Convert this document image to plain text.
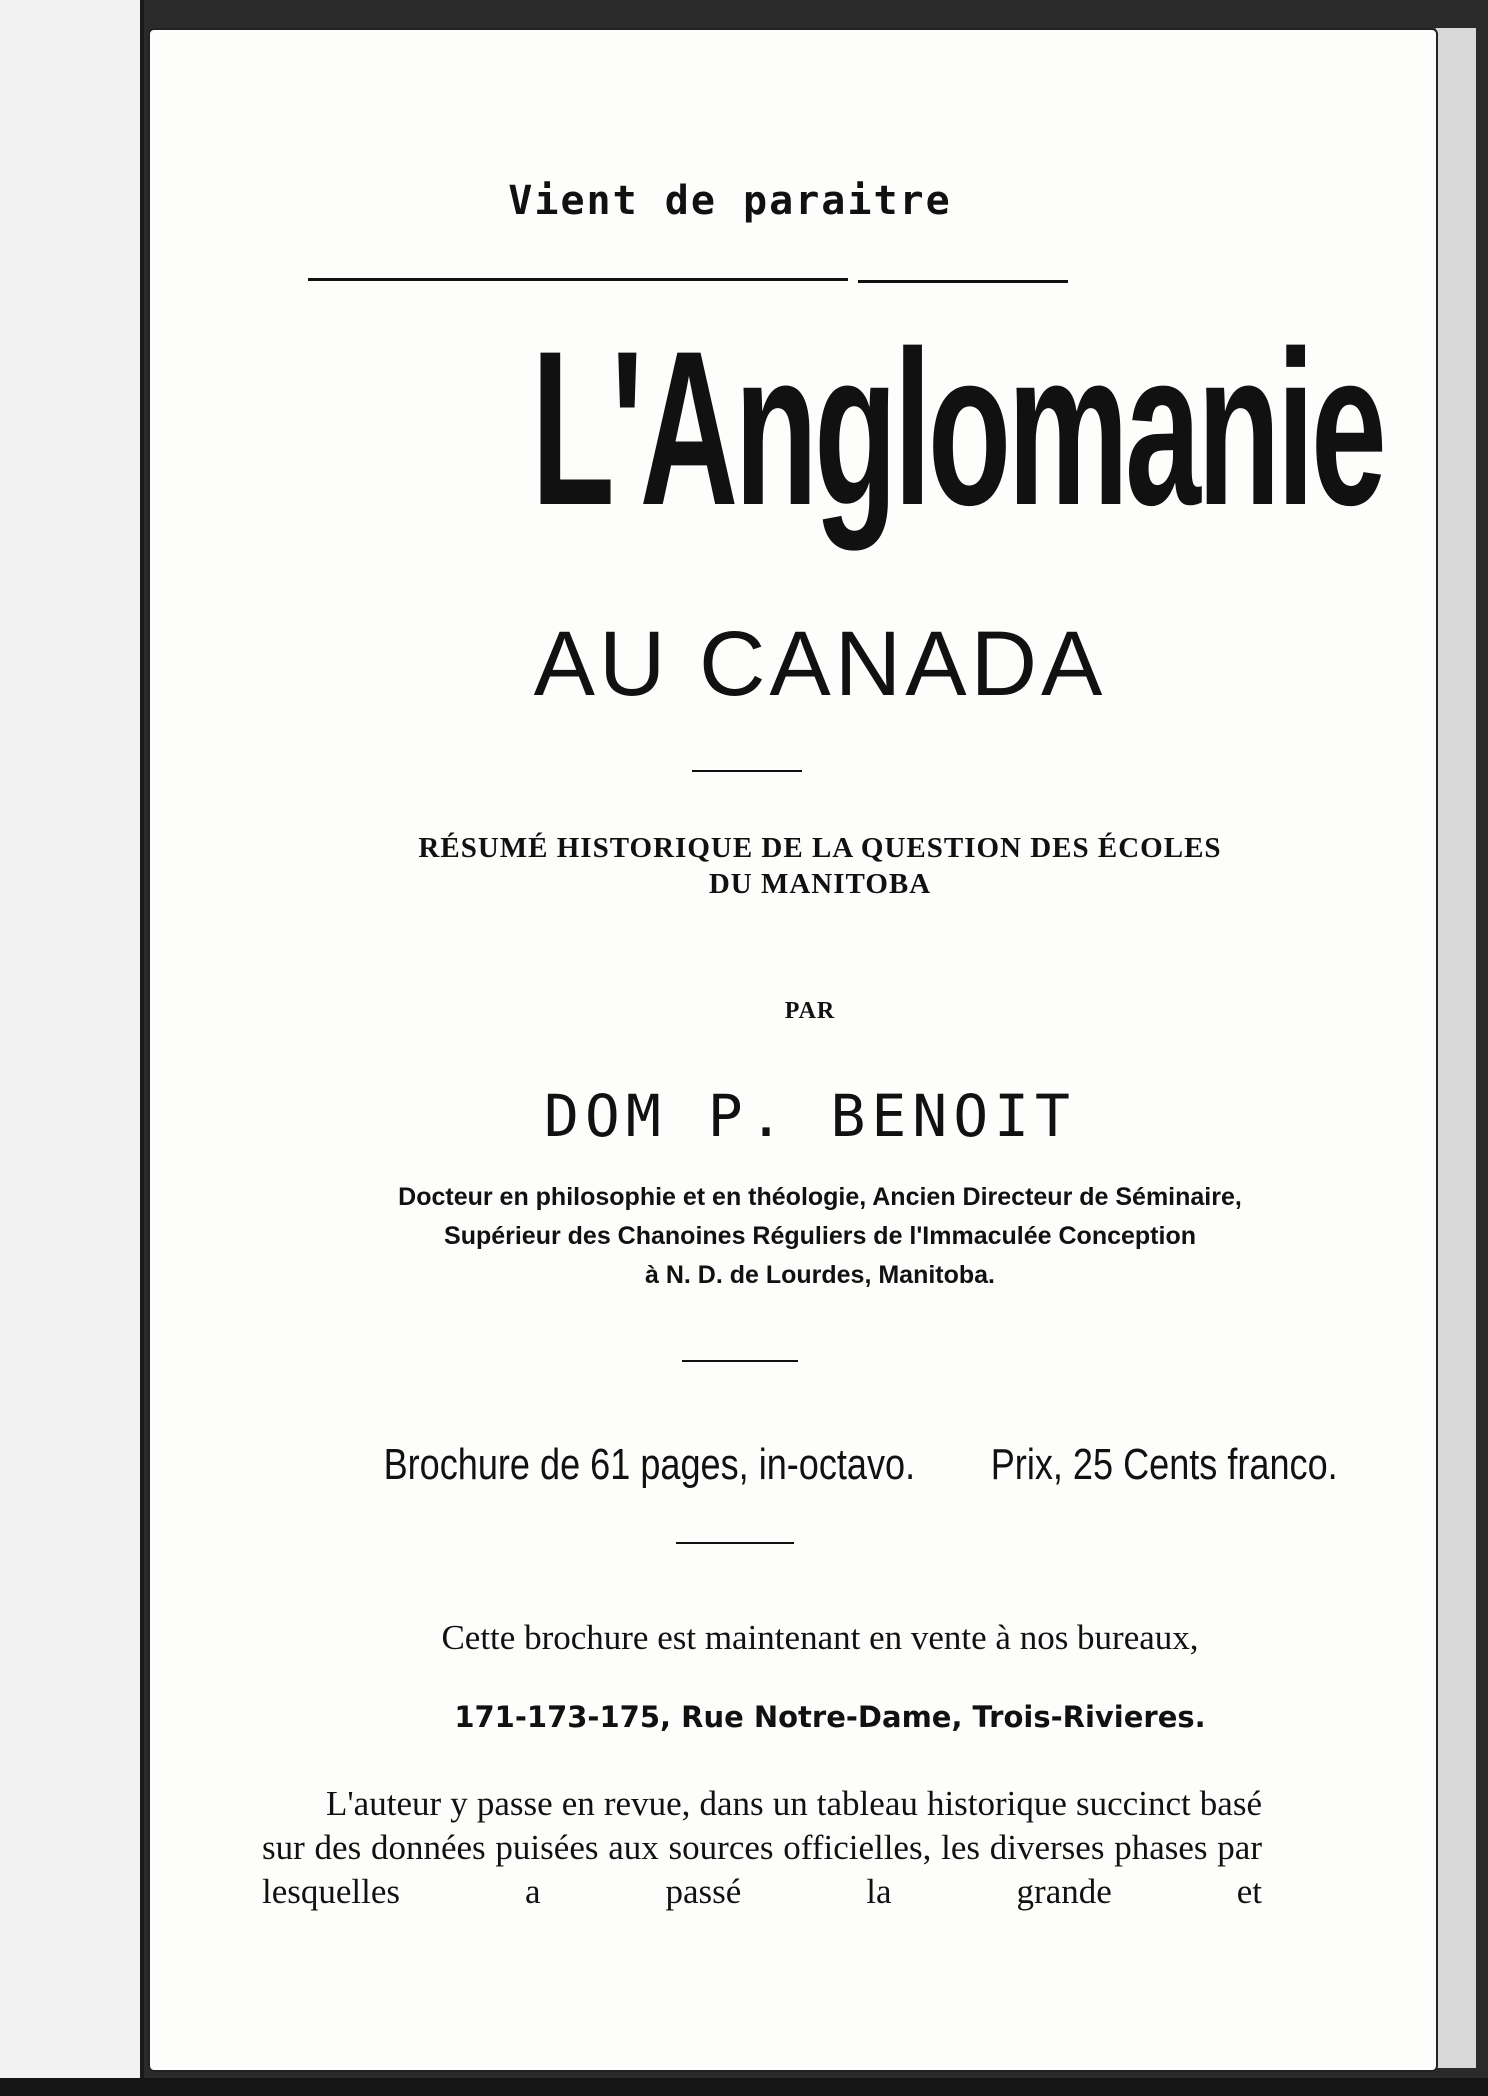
Vient de paraitre
L'Anglomanie
AU CANADA
RÉSUMÉ HISTORIQUE DE LA QUESTION DES ÉCOLES
DU MANITOBA
PAR
DOM P. BENOIT
Docteur en philosophie et en théologie, Ancien Directeur de Séminaire,
Supérieur des Chanoines Réguliers de l'Immaculée Conception
à N. D. de Lourdes, Manitoba.
Brochure de 61 pages, in-octavo. Prix, 25 Cents franco.
Cette brochure est maintenant en vente à nos bureaux,
171-173-175, Rue Notre-Dame, Trois-Rivieres.
L'auteur y passe en revue, dans un tableau historique succinct basé sur des données puisées aux sources officielles, les diverses phases par lesquelles a passé la grande et
